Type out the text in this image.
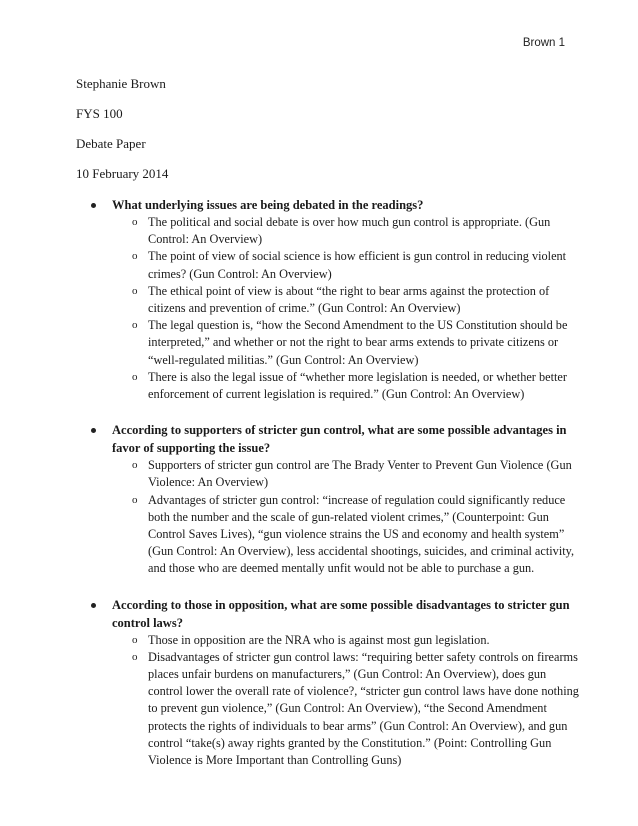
Brown 1
Stephanie Brown
FYS 100
Debate Paper
10 February 2014
What underlying issues are being debated in the readings?
o The political and social debate is over how much gun control is appropriate. (Gun Control: An Overview)
o The point of view of social science is how efficient is gun control in reducing violent crimes? (Gun Control: An Overview)
o The ethical point of view is about “the right to bear arms against the protection of citizens and prevention of crime.” (Gun Control: An Overview)
o The legal question is, “how the Second Amendment to the US Constitution should be interpreted,” and whether or not the right to bear arms extends to private citizens or “well-regulated militias.” (Gun Control: An Overview)
o There is also the legal issue of “whether more legislation is needed, or whether better enforcement of current legislation is required.” (Gun Control: An Overview)
According to supporters of stricter gun control, what are some possible advantages in favor of supporting the issue?
o Supporters of stricter gun control are The Brady Venter to Prevent Gun Violence (Gun Violence: An Overview)
o Advantages of stricter gun control: “increase of regulation could significantly reduce both the number and the scale of gun-related violent crimes,” (Counterpoint: Gun Control Saves Lives), “gun violence strains the US and economy and health system” (Gun Control: An Overview), less accidental shootings, suicides, and criminal activity, and those who are deemed mentally unfit would not be able to purchase a gun.
According to those in opposition, what are some possible disadvantages to stricter gun control laws?
o Those in opposition are the NRA who is against most gun legislation.
o Disadvantages of stricter gun control laws: “requiring better safety controls on firearms places unfair burdens on manufacturers,” (Gun Control: An Overview), does gun control lower the overall rate of violence?, “stricter gun control laws have done nothing to prevent gun violence,” (Gun Control: An Overview), “the Second Amendment protects the rights of individuals to bear arms” (Gun Control: An Overview), and gun control “take(s) away rights granted by the Constitution.” (Point: Controlling Gun Violence is More Important than Controlling Guns)
